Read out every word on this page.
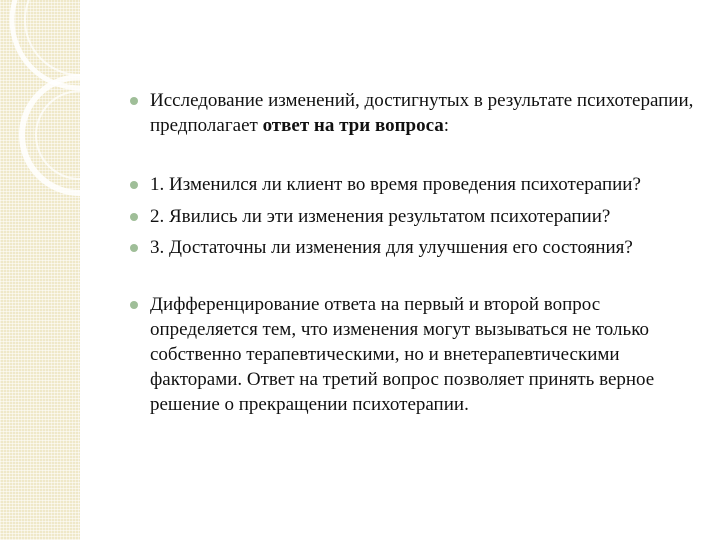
Исследование изменений, достигнутых в результате психотерапии, предполагает ответ на три вопроса:
1. Изменился ли клиент во время проведения психотерапии?
2. Явились ли эти изменения результатом психотерапии?
3. Достаточны ли изменения для улучшения его состояния?
Дифференцирование ответа на первый и второй вопрос определяется тем, что изменения могут вызываться не только собственно терапевтическими, но и внетерапевтическими факторами. Ответ на третий вопрос позволяет принять верное решение о прекращении психотерапии.
